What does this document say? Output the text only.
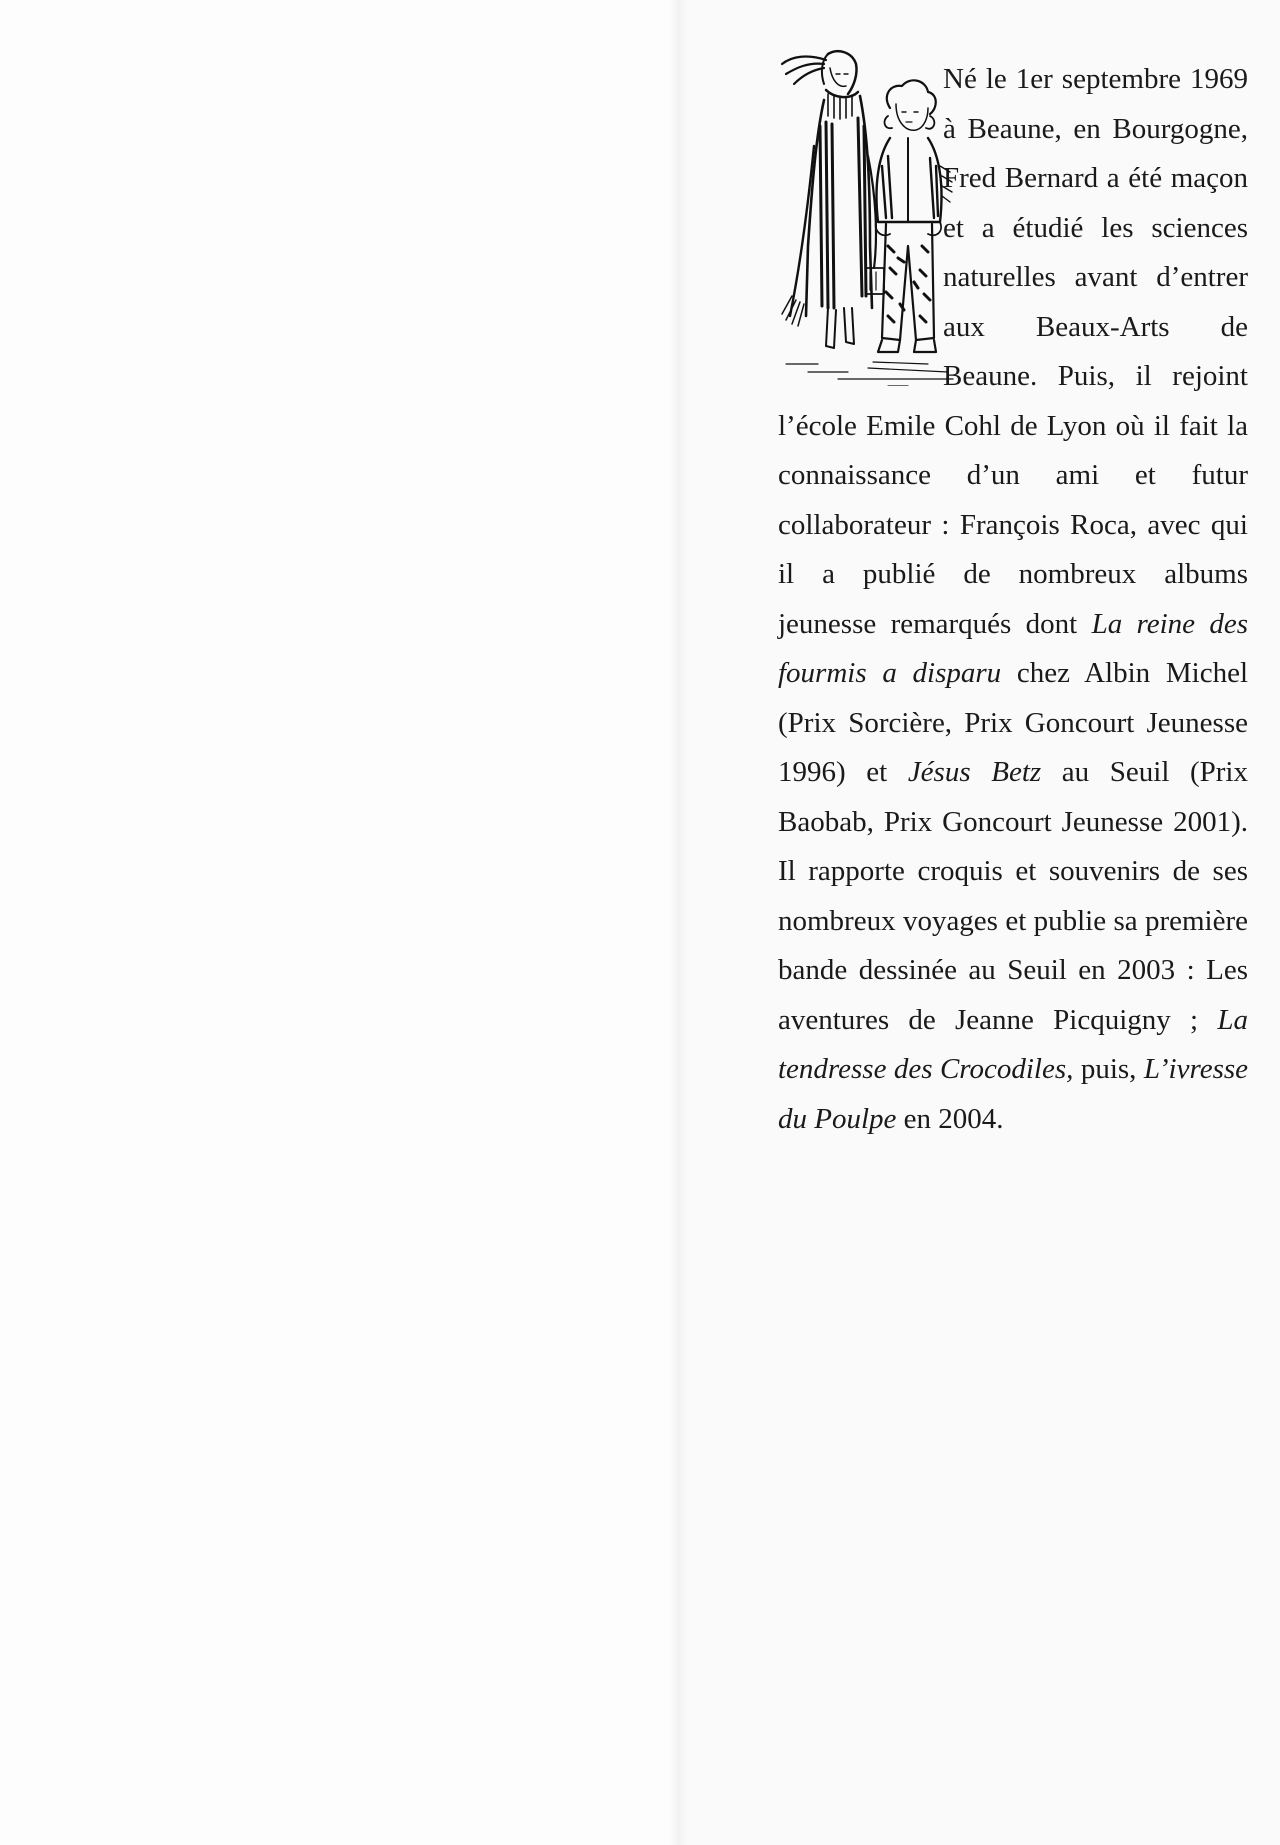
Né le 1er septembre 1969 à Beaune, en Bourgogne, Fred Bernard a été maçon et a étudié les sciences naturelles avant d’entrer aux Beaux-Arts de Beaune. Puis, il rejoint l’école Emile Cohl de Lyon où il fait la connaissance d’un ami et futur collaborateur : François Roca, avec qui il a publié de nombreux albums jeunesse remarqués dont La reine des fourmis a disparu chez Albin Michel (Prix Sorcière, Prix Goncourt Jeunesse 1996) et Jésus Betz au Seuil (Prix Baobab, Prix Goncourt Jeunesse 2001). Il rapporte croquis et souvenirs de ses nombreux voyages et publie sa première bande dessinée au Seuil en 2003 : Les aventures de Jeanne Picquigny ; La tendresse des Crocodiles, puis, L’ivresse du Poulpe en 2004.
